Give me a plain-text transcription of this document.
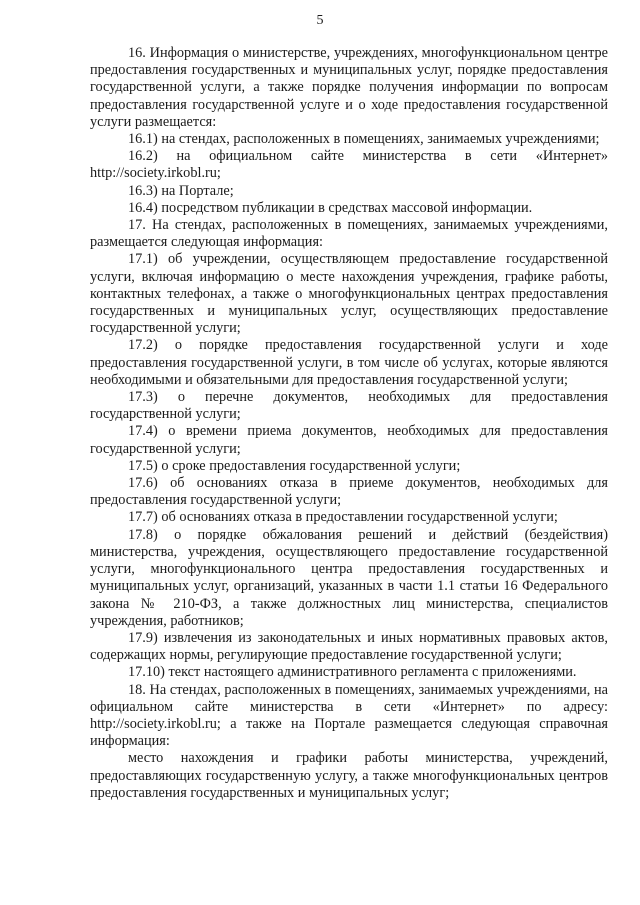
5

16. Информация о министерстве, учреждениях, многофункциональном центре предоставления государственных и муниципальных услуг, порядке предоставления государственной услуги, а также порядке получения информации по вопросам предоставления государственной услуге и о ходе предоставления государственной услуги размещается:

16.1) на стендах, расположенных в помещениях, занимаемых учреждениями;

16.2) на официальном сайте министерства в сети «Интернет» http://society.irkobl.ru;

16.3) на Портале;

16.4) посредством публикации в средствах массовой информации.

17. На стендах, расположенных в помещениях, занимаемых учреждениями, размещается следующая информация:

17.1) об учреждении, осуществляющем предоставление государственной услуги, включая информацию о месте нахождения учреждения, графике работы, контактных телефонах, а также о многофункциональных центрах предоставления государственных и муниципальных услуг, осуществляющих предоставление государственной услуги;

17.2) о порядке предоставления государственной услуги и ходе предоставления государственной услуги, в том числе об услугах, которые являются необходимыми и обязательными для предоставления государственной услуги;

17.3) о перечне документов, необходимых для предоставления государственной услуги;

17.4) о времени приема документов, необходимых для предоставления государственной услуги;

17.5) о сроке предоставления государственной услуги;

17.6) об основаниях отказа в приеме документов, необходимых для предоставления государственной услуги;

17.7) об основаниях отказа в предоставлении государственной услуги;

17.8) о порядке обжалования решений и действий (бездействия) министерства, учреждения, осуществляющего предоставление государственной услуги, многофункционального центра предоставления государственных и муниципальных услуг, организаций, указанных в части 1.1 статьи 16 Федерального закона № 210-ФЗ, а также должностных лиц министерства, специалистов учреждения, работников;

17.9) извлечения из законодательных и иных нормативных правовых актов, содержащих нормы, регулирующие предоставление государственной услуги;

17.10) текст настоящего административного регламента с приложениями.

18. На стендах, расположенных в помещениях, занимаемых учреждениями, на официальном сайте министерства в сети «Интернет» по адресу: http://society.irkobl.ru; а также на Портале размещается следующая справочная информация:

место нахождения и графики работы министерства, учреждений, предоставляющих государственную услугу, а также многофункциональных центров предоставления государственных и муниципальных услуг;
